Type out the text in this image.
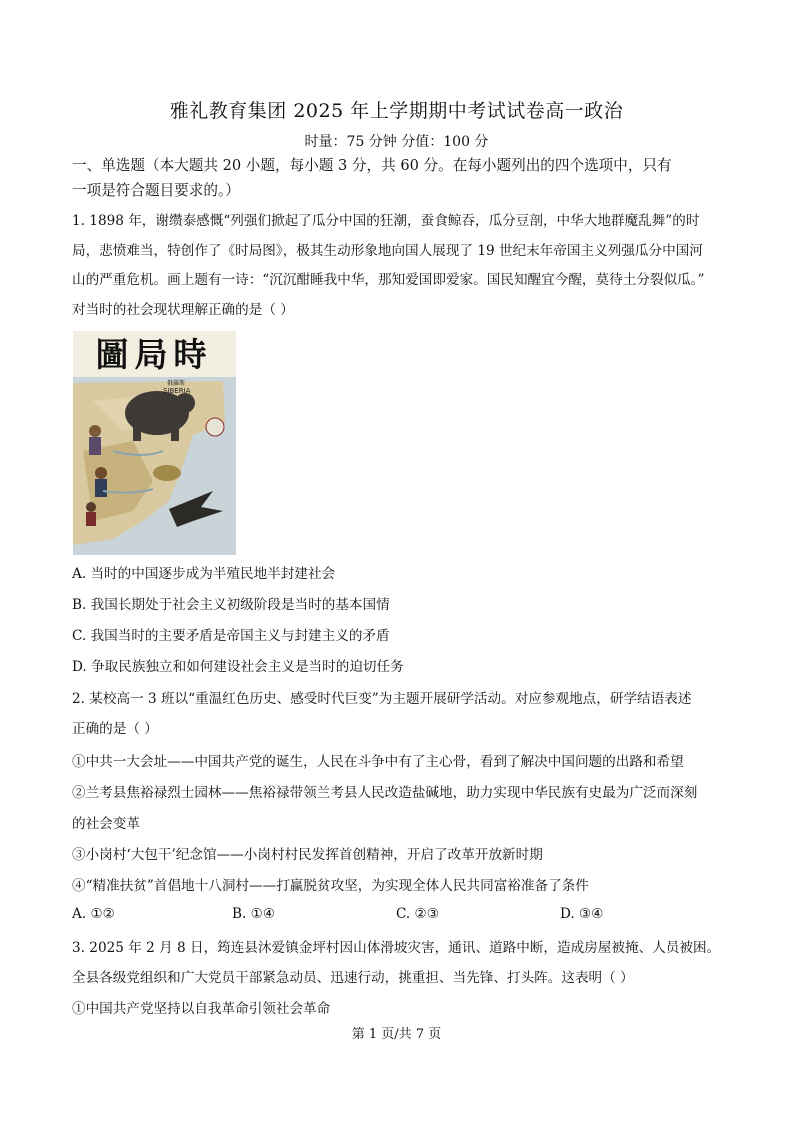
雅礼教育集团 2025 年上学期期中考试试卷高一政治
时量：75 分钟 分值：100 分
一、单选题（本大题共 20 小题，每小题 3 分，共 60 分。在每小题列出的四个选项中，只有
一项是符合题目要求的。）
1. 1898 年，谢缵泰感慨“列强们掀起了瓜分中国的狂潮，蚕食鲸吞，瓜分豆剖，中华大地群魔乱舞”的时
局，悲愤难当，特创作了《时局图》，极其生动形象地向国人展现了 19 世纪末年帝国主义列强瓜分中国河
山的严重危机。画上题有一诗：“沉沉酣睡我中华，那知爱国即爱家。国民知醒宜今醒，莫待土分裂似瓜。”
对当时的社会现状理解正确的是（ ）
圖局時
俄羅斯
SIBERIA
A. 当时的中国逐步成为半殖民地半封建社会
B. 我国长期处于社会主义初级阶段是当时的基本国情
C. 我国当时的主要矛盾是帝国主义与封建主义的矛盾
D. 争取民族独立和如何建设社会主义是当时的迫切任务
2. 某校高一 3 班以“重温红色历史、感受时代巨变”为主题开展研学活动。对应参观地点，研学结语表述
正确的是（ ）
①中共一大会址——中国共产党的诞生，人民在斗争中有了主心骨，看到了解决中国问题的出路和希望
②兰考县焦裕禄烈士园林——焦裕禄带领兰考县人民改造盐碱地，助力实现中华民族有史最为广泛而深刻
的社会变革
③小岗村‘大包干’纪念馆——小岗村村民发挥首创精神，开启了改革开放新时期
④“精准扶贫”首倡地十八洞村——打赢脱贫攻坚，为实现全体人民共同富裕准备了条件
A. ①②	B. ①④	C. ②③	D. ③④
3. 2025 年 2 月 8 日，筠连县沐爱镇金坪村因山体滑坡灾害，通讯、道路中断，造成房屋被掩、人员被困。
全县各级党组织和广大党员干部紧急动员、迅速行动，挑重担、当先锋、打头阵。这表明（ ）
①中国共产党坚持以自我革命引领社会革命
第 1 页/共 7 页
